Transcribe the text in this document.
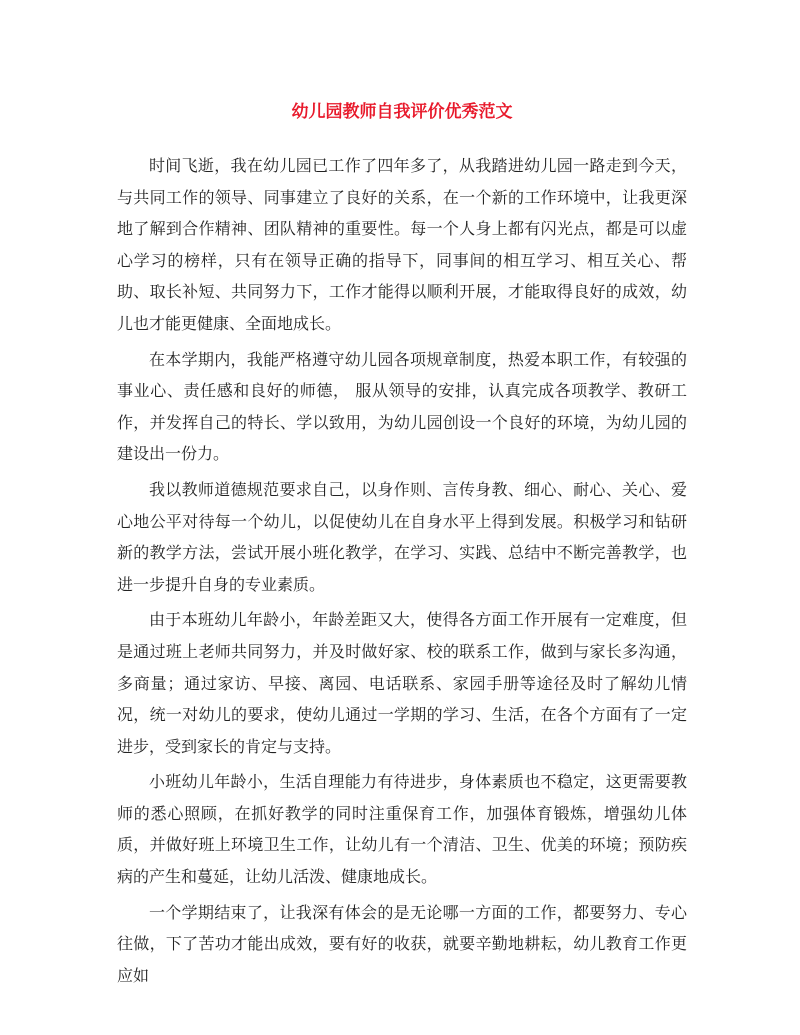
幼儿园教师自我评价优秀范文

时间飞逝，我在幼儿园已工作了四年多了，从我踏进幼儿园一路走到今天，与共同工作的领导、同事建立了良好的关系，在一个新的工作环境中，让我更深地了解到合作精神、团队精神的重要性。每一个人身上都有闪光点，都是可以虚心学习的榜样，只有在领导正确的指导下，同事间的相互学习、相互关心、帮助、取长补短、共同努力下，工作才能得以顺利开展，才能取得良好的成效，幼儿也才能更健康、全面地成长。

在本学期内，我能严格遵守幼儿园各项规章制度，热爱本职工作，有较强的事业心、责任感和良好的师德， 服从领导的安排，认真完成各项教学、教研工作，并发挥自己的特长、学以致用，为幼儿园创设一个良好的环境，为幼儿园的建设出一份力。

我以教师道德规范要求自己，以身作则、言传身教、细心、耐心、关心、爱心地公平对待每一个幼儿，以促使幼儿在自身水平上得到发展。积极学习和钻研新的教学方法，尝试开展小班化教学，在学习、实践、总结中不断完善教学，也进一步提升自身的专业素质。

由于本班幼儿年龄小，年龄差距又大，使得各方面工作开展有一定难度，但是通过班上老师共同努力，并及时做好家、校的联系工作，做到与家长多沟通，多商量；通过家访、早接、离园、电话联系、家园手册等途径及时了解幼儿情况，统一对幼儿的要求，使幼儿通过一学期的学习、生活，在各个方面有了一定进步，受到家长的肯定与支持。

小班幼儿年龄小，生活自理能力有待进步，身体素质也不稳定，这更需要教师的悉心照顾，在抓好教学的同时注重保育工作，加强体育锻炼，增强幼儿体质，并做好班上环境卫生工作，让幼儿有一个清洁、卫生、优美的环境；预防疾病的产生和蔓延，让幼儿活泼、健康地成长。

一个学期结束了，让我深有体会的是无论哪一方面的工作，都要努力、专心往做，下了苦功才能出成效，要有好的收获，就要辛勤地耕耘，幼儿教育工作更应如
